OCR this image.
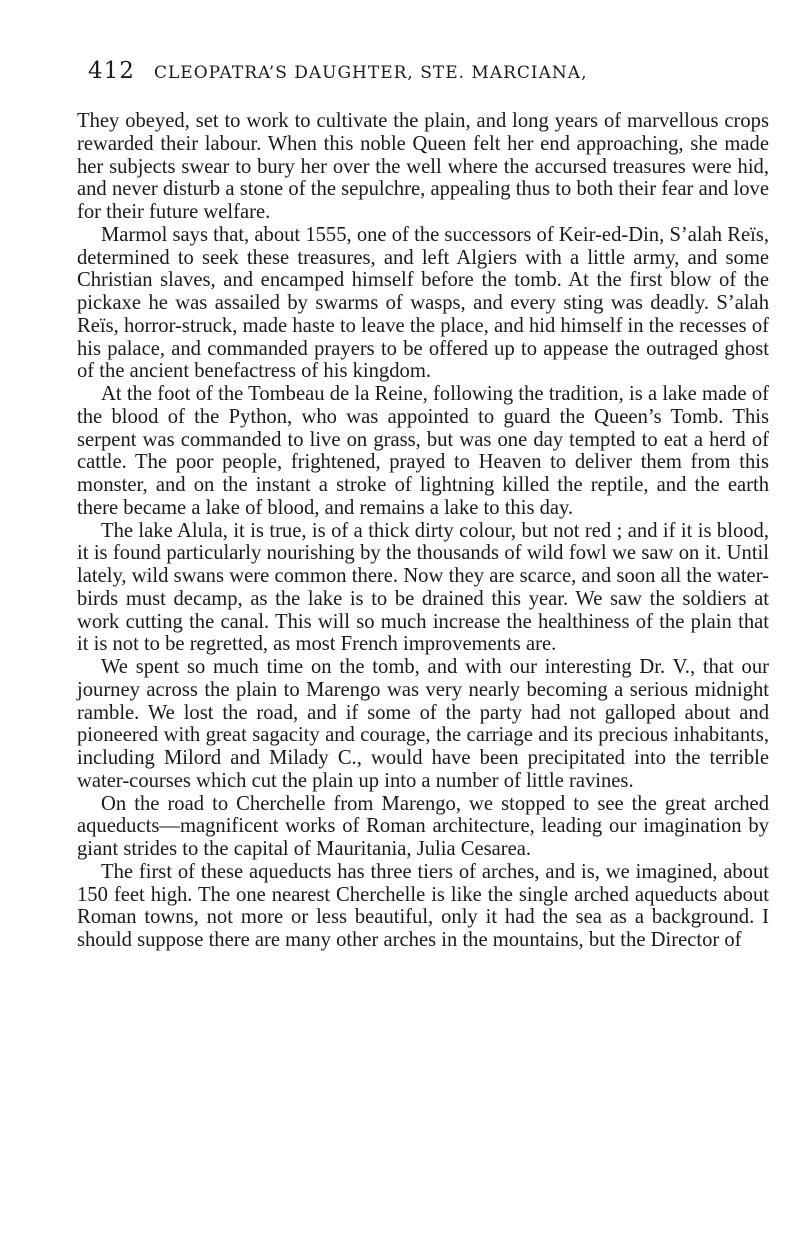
412 CLEOPATRA’S DAUGHTER, STE. MARCIANA,

They obeyed, set to work to cultivate the plain, and long years of marvellous crops rewarded their labour. When this noble Queen felt her end approaching, she made her subjects swear to bury her over the well where the accursed treasures were hid, and never disturb a stone of the sepulchre, appealing thus to both their fear and love for their future welfare.

Marmol says that, about 1555, one of the successors of Keir-ed-Din, S’alah Reïs, determined to seek these treasures, and left Algiers with a little army, and some Christian slaves, and encamped himself before the tomb. At the first blow of the pickaxe he was assailed by swarms of wasps, and every sting was deadly. S’alah Reïs, horror-struck, made haste to leave the place, and hid himself in the recesses of his palace, and commanded prayers to be offered up to appease the outraged ghost of the ancient benefactress of his kingdom.

At the foot of the Tombeau de la Reine, following the tradition, is a lake made of the blood of the Python, who was appointed to guard the Queen’s Tomb. This serpent was commanded to live on grass, but was one day tempted to eat a herd of cattle. The poor people, frightened, prayed to Heaven to deliver them from this monster, and on the instant a stroke of lightning killed the reptile, and the earth there became a lake of blood, and remains a lake to this day.

The lake Alula, it is true, is of a thick dirty colour, but not red ; and if it is blood, it is found particularly nourishing by the thousands of wild fowl we saw on it. Until lately, wild swans were common there. Now they are scarce, and soon all the water-birds must decamp, as the lake is to be drained this year. We saw the soldiers at work cutting the canal. This will so much increase the healthiness of the plain that it is not to be regretted, as most French improvements are.

We spent so much time on the tomb, and with our interesting Dr. V., that our journey across the plain to Marengo was very nearly becoming a serious midnight ramble. We lost the road, and if some of the party had not galloped about and pioneered with great sagacity and courage, the carriage and its precious inhabitants, including Milord and Milady C., would have been precipitated into the terrible water-courses which cut the plain up into a number of little ravines.

On the road to Cherchelle from Marengo, we stopped to see the great arched aqueducts—magnificent works of Roman architecture, leading our imagination by giant strides to the capital of Mauritania, Julia Cesarea.

The first of these aqueducts has three tiers of arches, and is, we imagined, about 150 feet high. The one nearest Cherchelle is like the single arched aqueducts about Roman towns, not more or less beautiful, only it had the sea as a background. I should suppose there are many other arches in the mountains, but the Director of
